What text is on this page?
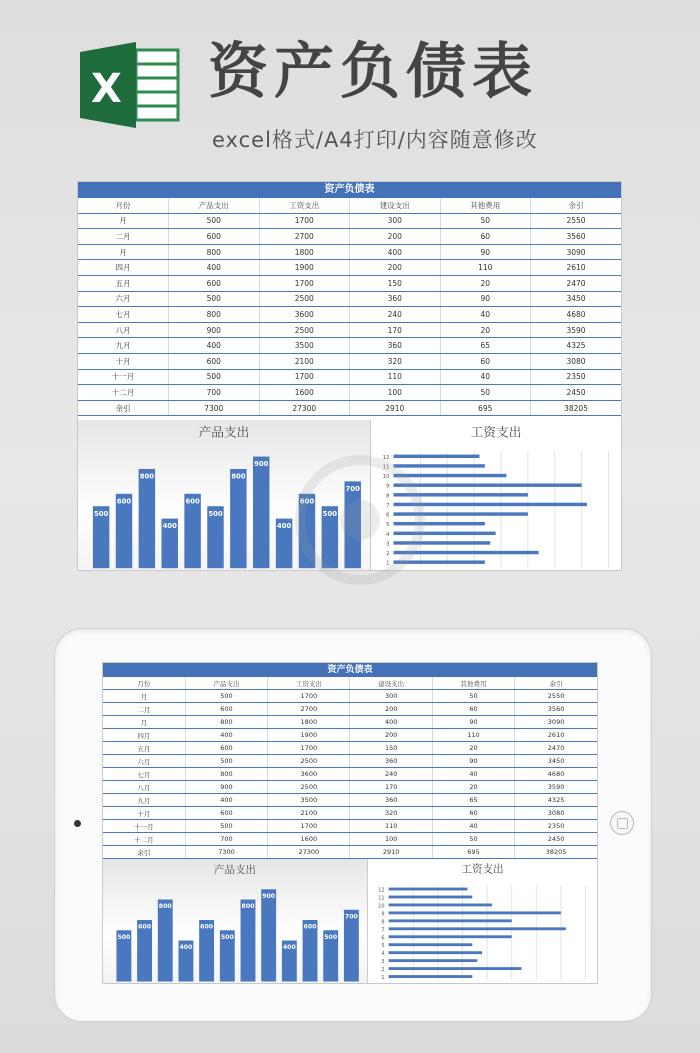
X 资产负债表
excel格式/A4打印/内容随意修改
资产负债表
月份	产品支出	工资支出	建设支出	其他费用	余引
月	500	1700	300	50	2550
二月	600	2700	200	60	3560
月	800	1800	400	90	3090
四月	400	1900	200	110	2610
五月	600	1700	150	20	2470
六月	500	2500	360	90	3450
七月	800	3600	240	40	4680
八月	900	2500	170	20	3590
九月	400	3500	360	65	4325
十月	600	2100	320	60	3080
十一月	500	1700	110	40	2350
十二月	700	1600	100	50	2450
余引	7300	27300	2910	695	38205
产品支出
500
600
800
400
600
500
800
900
400
600
500
700
工资支出
1
2
3
4
5
6
7
8
9
10
11
12
资产负债表
月份	产品支出	工资支出	建设支出	其他费用	余引
月	500	1700	300	50	2550
二月	600	2700	200	60	3560
月	800	1800	400	90	3090
四月	400	1900	200	110	2610
五月	600	1700	150	20	2470
六月	500	2500	360	90	3450
七月	800	3600	240	40	4680
八月	900	2500	170	20	3590
九月	400	3500	360	65	4325
十月	600	2100	320	60	3080
十一月	500	1700	110	40	2350
十二月	700	1600	100	50	2450
余引	7300	27300	2910	695	38205
产品支出
500
600
800
400
600
500
800
900
400
600
500
700
工资支出
1
2
3
4
5
6
7
8
9
10
11
12
